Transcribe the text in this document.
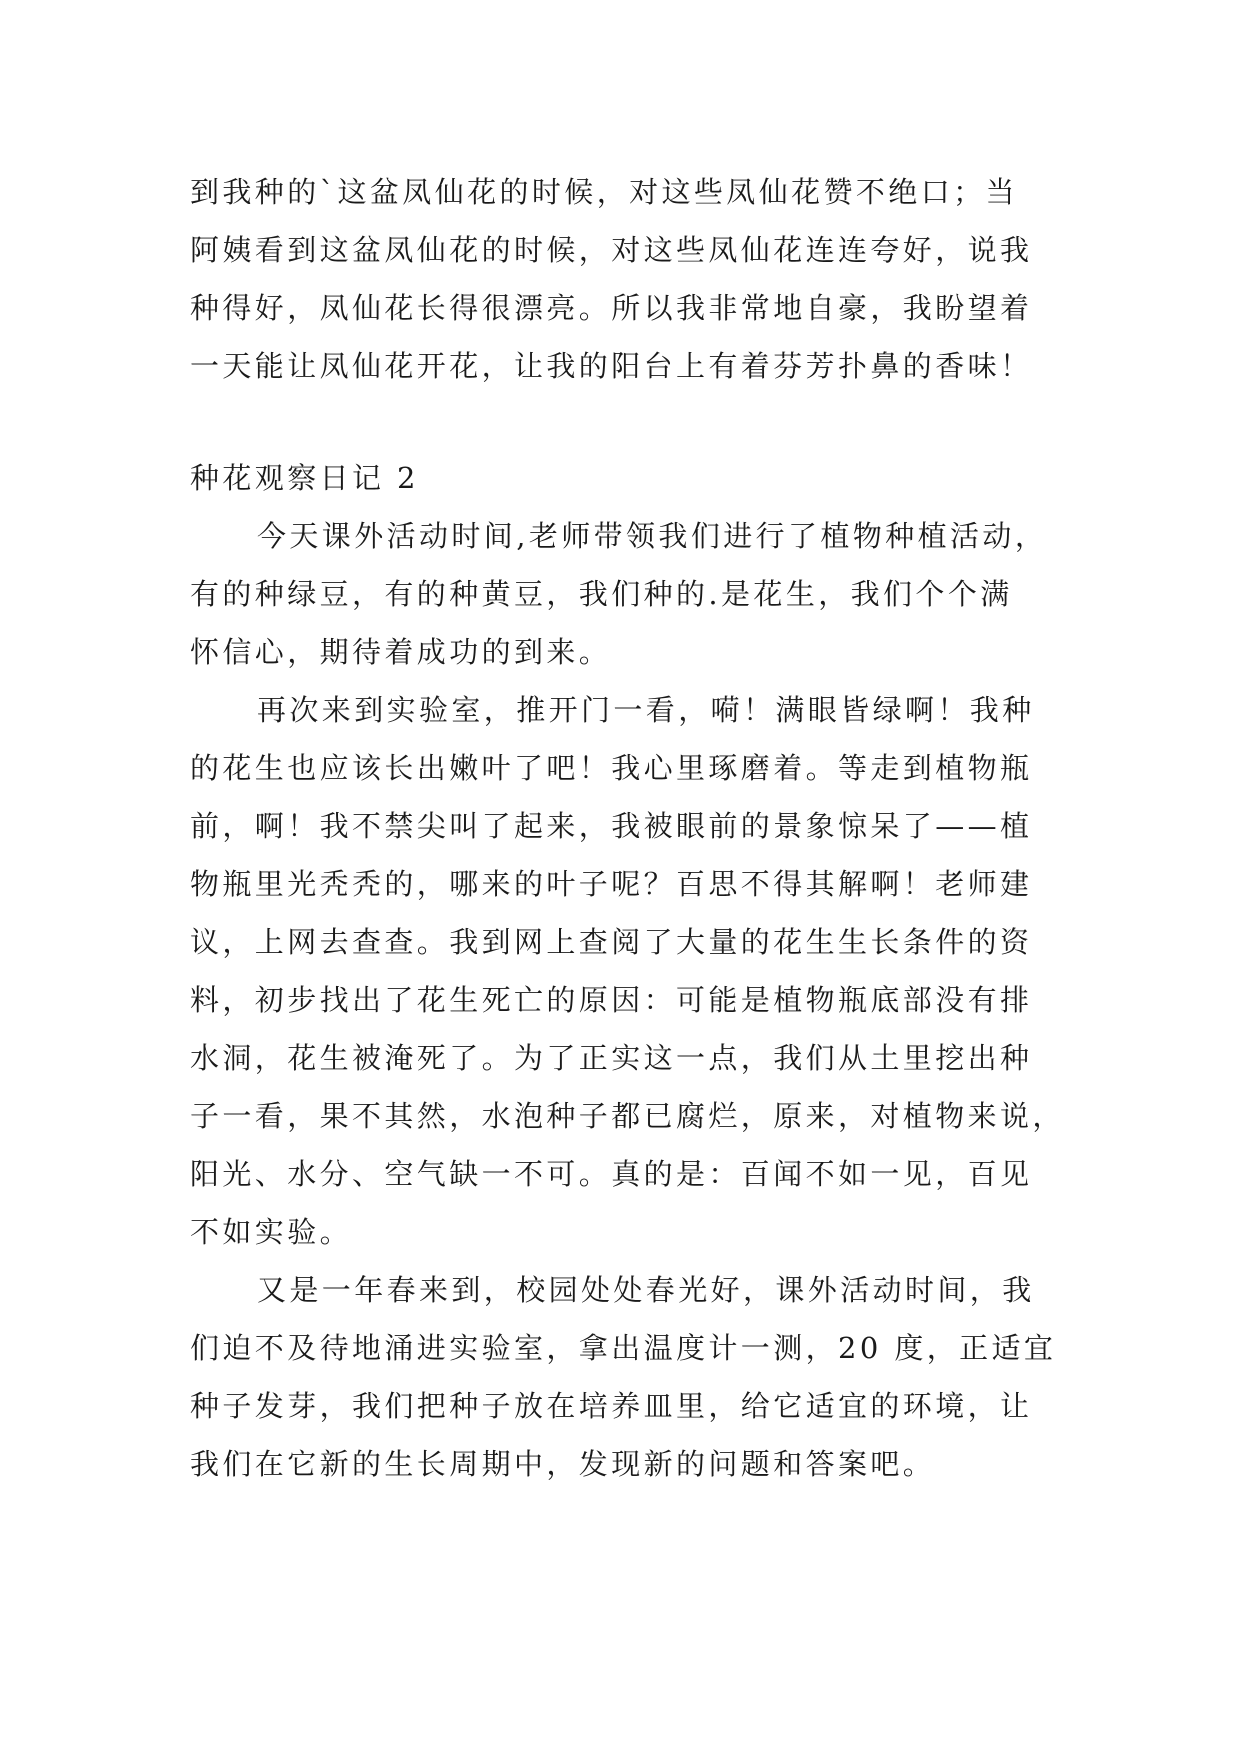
到我种的`这盆凤仙花的时候，对这些凤仙花赞不绝口；当
阿姨看到这盆凤仙花的时候，对这些凤仙花连连夸好，说我
种得好，凤仙花长得很漂亮。所以我非常地自豪，我盼望着
一天能让凤仙花开花，让我的阳台上有着芬芳扑鼻的香味！
种花观察日记 2
今天课外活动时间,老师带领我们进行了植物种植活动，
有的种绿豆，有的种黄豆，我们种的.是花生，我们个个满
怀信心，期待着成功的到来。
再次来到实验室，推开门一看，嗬！满眼皆绿啊！我种
的花生也应该长出嫩叶了吧！我心里琢磨着。等走到植物瓶
前，啊！我不禁尖叫了起来，我被眼前的景象惊呆了——植
物瓶里光秃秃的，哪来的叶子呢？百思不得其解啊！老师建
议，上网去查查。我到网上查阅了大量的花生生长条件的资
料，初步找出了花生死亡的原因：可能是植物瓶底部没有排
水洞，花生被淹死了。为了正实这一点，我们从土里挖出种
子一看，果不其然，水泡种子都已腐烂，原来，对植物来说，
阳光、水分、空气缺一不可。真的是：百闻不如一见，百见
不如实验。
又是一年春来到，校园处处春光好，课外活动时间，我
们迫不及待地涌进实验室，拿出温度计一测，20 度，正适宜
种子发芽，我们把种子放在培养皿里，给它适宜的环境，让
我们在它新的生长周期中，发现新的问题和答案吧。
